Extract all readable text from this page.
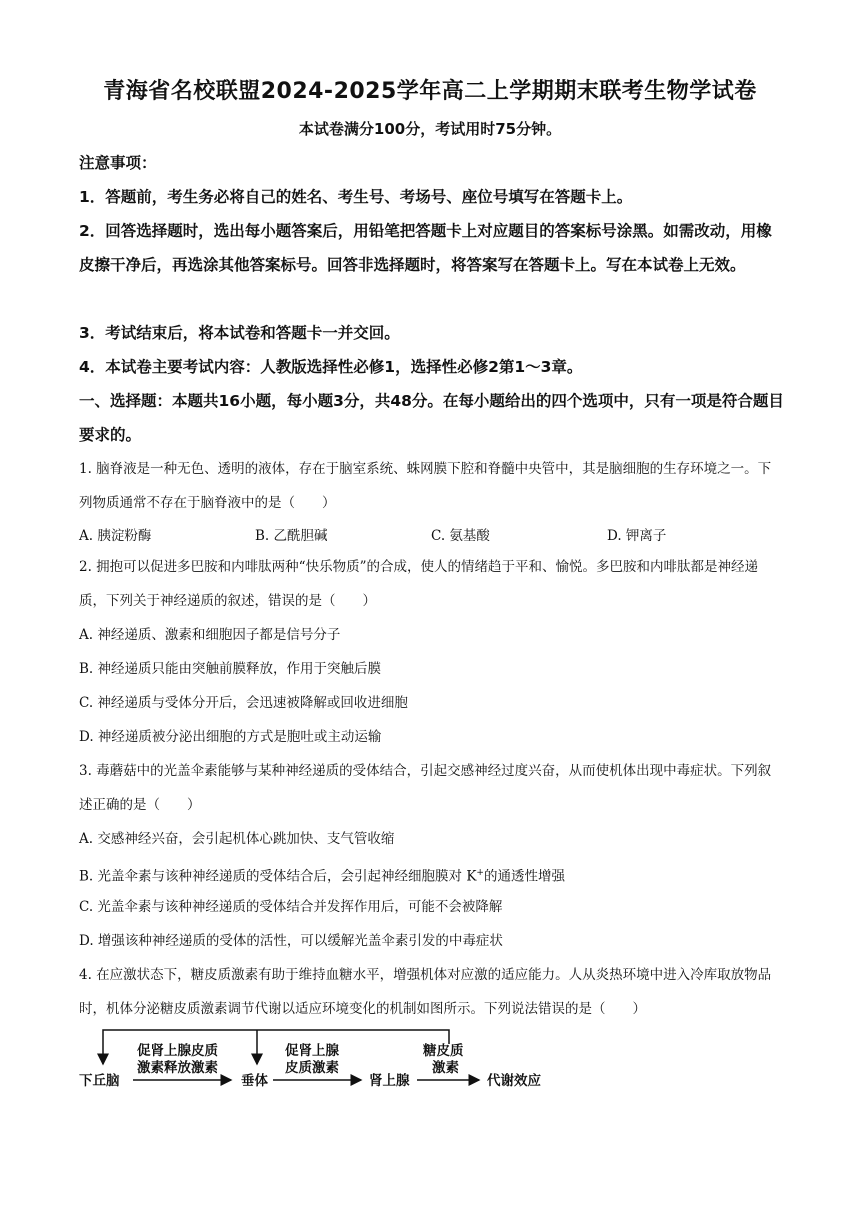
青海省名校联盟2024-2025学年高二上学期期末联考生物学试卷
本试卷满分100分，考试用时75分钟。
注意事项：
1．答题前，考生务必将自己的姓名、考生号、考场号、座位号填写在答题卡上。
2．回答选择题时，选出每小题答案后，用铅笔把答题卡上对应题目的答案标号涂黑。如需改动，用橡皮擦干净后，再选涂其他答案标号。回答非选择题时，将答案写在答题卡上。写在本试卷上无效。
3．考试结束后，将本试卷和答题卡一并交回。
4．本试卷主要考试内容：人教版选择性必修1，选择性必修2第1～3章。
一、选择题：本题共16小题，每小题3分，共48分。在每小题给出的四个选项中，只有一项是符合题目要求的。
1. 脑脊液是一种无色、透明的液体，存在于脑室系统、蛛网膜下腔和脊髓中央管中，其是脑细胞的生存环境之一。下列物质通常不存在于脑脊液中的是（　　）
A. 胰淀粉酶	B. 乙酰胆碱	C. 氨基酸	D. 钾离子
2. 拥抱可以促进多巴胺和内啡肽两种“快乐物质”的合成，使人的情绪趋于平和、愉悦。多巴胺和内啡肽都是神经递质，下列关于神经递质的叙述，错误的是（　　）
A. 神经递质、激素和细胞因子都是信号分子
B. 神经递质只能由突触前膜释放，作用于突触后膜
C. 神经递质与受体分开后，会迅速被降解或回收进细胞
D. 神经递质被分泌出细胞的方式是胞吐或主动运输
3. 毒蘑菇中的光盖伞素能够与某种神经递质的受体结合，引起交感神经过度兴奋，从而使机体出现中毒症状。下列叙述正确的是（　　）
A. 交感神经兴奋，会引起机体心跳加快、支气管收缩
B. 光盖伞素与该种神经递质的受体结合后，会引起神经细胞膜对 K+的通透性增强
C. 光盖伞素与该种神经递质的受体结合并发挥作用后，可能不会被降解
D. 增强该种神经递质的受体的活性，可以缓解光盖伞素引发的中毒症状
4. 在应激状态下，糖皮质激素有助于维持血糖水平，增强机体对应激的适应能力。人从炎热环境中进入冷库取放物品时，机体分泌糖皮质激素调节代谢以适应环境变化的机制如图所示。下列说法错误的是（　　）
下丘脑	垂体	肾上腺	代谢效应
促肾上腺皮质
激素释放激素
促肾上腺
皮质激素
糖皮质
激素
